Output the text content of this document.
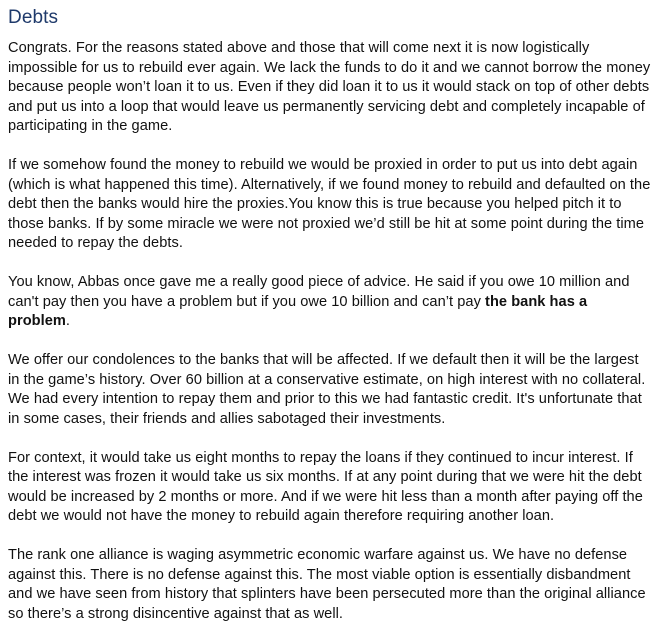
Debts

Congrats. For the reasons stated above and those that will come next it is now logistically impossible for us to rebuild ever again. We lack the funds to do it and we cannot borrow the money because people won’t loan it to us. Even if they did loan it to us it would stack on top of other debts and put us into a loop that would leave us permanently servicing debt and completely incapable of participating in the game.

If we somehow found the money to rebuild we would be proxied in order to put us into debt again (which is what happened this time). Alternatively, if we found money to rebuild and defaulted on the debt then the banks would hire the proxies.You know this is true because you helped pitch it to those banks. If by some miracle we were not proxied we’d still be hit at some point during the time needed to repay the debts.

You know, Abbas once gave me a really good piece of advice. He said if you owe 10 million and can't pay then you have a problem but if you owe 10 billion and can’t pay the bank has a problem.

We offer our condolences to the banks that will be affected. If we default then it will be the largest in the game’s history. Over 60 billion at a conservative estimate, on high interest with no collateral. We had every intention to repay them and prior to this we had fantastic credit. It's unfortunate that in some cases, their friends and allies sabotaged their investments.

For context, it would take us eight months to repay the loans if they continued to incur interest. If the interest was frozen it would take us six months. If at any point during that we were hit the debt would be increased by 2 months or more. And if we were hit less than a month after paying off the debt we would not have the money to rebuild again therefore requiring another loan.

The rank one alliance is waging asymmetric economic warfare against us. We have no defense against this. There is no defense against this. The most viable option is essentially disbandment and we have seen from history that splinters have been persecuted more than the original alliance so there’s a strong disincentive against that as well.
